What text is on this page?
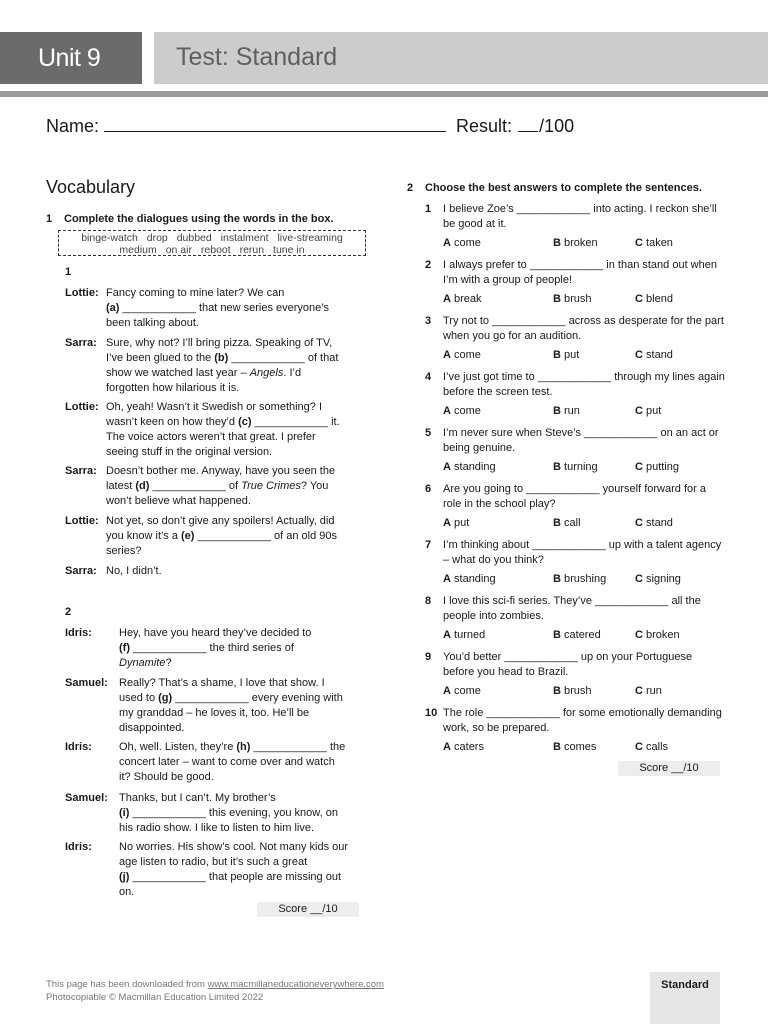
Unit 9	Test: Standard
Name:	Result: /100
Vocabulary
1 Complete the dialogues using the words in the box.
binge-watch drop dubbed instalment live-streaming
medium on air reboot rerun tune in
1
Lottie: Fancy coming to mine later? We can
(a) ____________ that new series everyone’s
been talking about.
Sarra: Sure, why not? I’ll bring pizza. Speaking of TV,
I’ve been glued to the (b) ____________ of that
show we watched last year – Angels. I’d
forgotten how hilarious it is.
Lottie: Oh, yeah! Wasn’t it Swedish or something? I
wasn’t keen on how they’d (c) ____________ it.
The voice actors weren’t that great. I prefer
seeing stuff in the original version.
Sarra: Doesn’t bother me. Anyway, have you seen the
latest (d) ____________ of True Crimes? You
won’t believe what happened.
Lottie: Not yet, so don’t give any spoilers! Actually, did
you know it’s a (e) ____________ of an old 90s
series?
Sarra: No, I didn’t.
2
Idris: Hey, have you heard they’ve decided to
(f) ____________ the third series of
Dynamite?
Samuel: Really? That’s a shame, I love that show. I
used to (g) ____________ every evening with
my granddad – he loves it, too. He’ll be
disappointed.
Idris: Oh, well. Listen, they’re (h) ____________ the
concert later – want to come over and watch
it? Should be good.
Samuel: Thanks, but I can’t. My brother’s
(i) ____________ this evening, you know, on
his radio show. I like to listen to him live.
Idris: No worries. His show’s cool. Not many kids our
age listen to radio, but it’s such a great
(j) ____________ that people are missing out
on.
Score __/10
2 Choose the best answers to complete the sentences.
1 I believe Zoe’s ____________ into acting. I reckon she’ll be good at it.
A come	B broken	C taken
2 I always prefer to ____________ in than stand out when I’m with a group of people!
A break	B brush	C blend
3 Try not to ____________ across as desperate for the part when you go for an audition.
A come	B put	C stand
4 I’ve just got time to ____________ through my lines again before the screen test.
A come	B run	C put
5 I’m never sure when Steve’s ____________ on an act or being genuine.
A standing	B turning	C putting
6 Are you going to ____________ yourself forward for a role in the school play?
A put	B call	C stand
7 I’m thinking about ____________ up with a talent agency – what do you think?
A standing	B brushing	C signing
8 I love this sci-fi series. They’ve ____________ all the people into zombies.
A turned	B catered	C broken
9 You’d better ____________ up on your Portuguese before you head to Brazil.
A come	B brush	C run
10 The role ____________ for some emotionally demanding work, so be prepared.
A caters	B comes	C calls
Score __/10
This page has been downloaded from www.macmillaneducationeverywhere.com
Photocopiable © Macmillan Education Limited 2022
Standard
